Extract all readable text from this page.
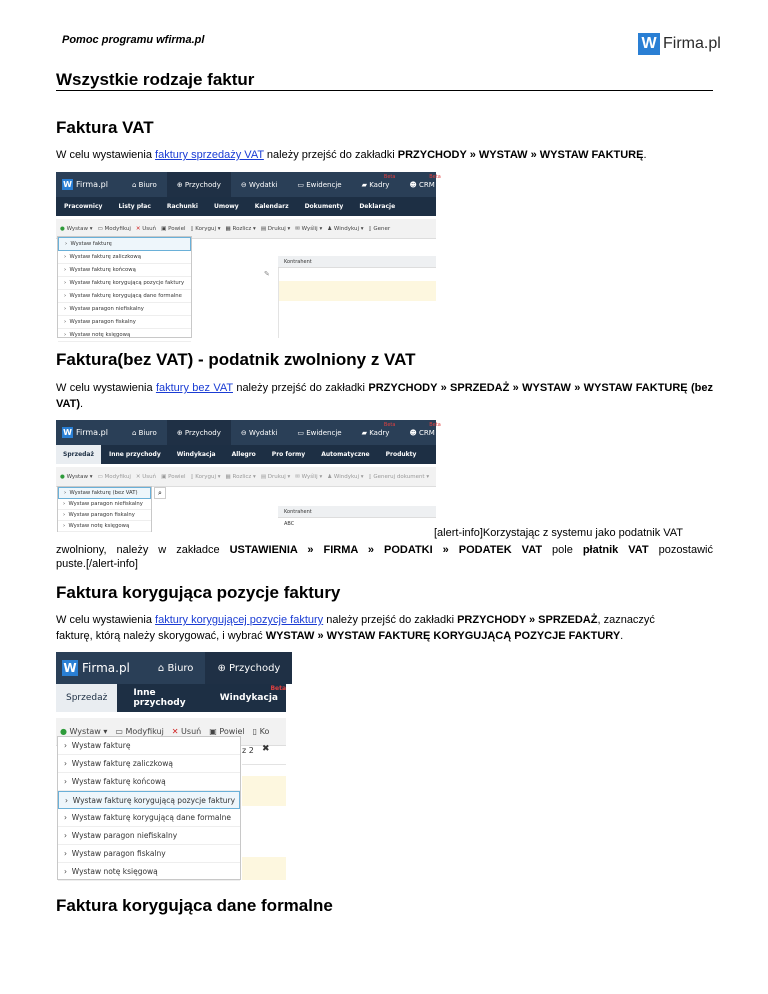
Pomoc programu wfirma.pl	W Firma.pl
Wszystkie rodzaje faktur
Faktura VAT

W celu wystawienia faktury sprzedaży VAT należy przejść do zakładki PRZYCHODY » WYSTAW » WYSTAW FAKTURĘ.

W Firma.pl	⌂ Biuro	⊕ Przychody	⊖ Wydatki	▭ Ewidencje	▰ Kadry
Beta
☻ CRM
Beta
Pracownicy	Listy płac	Rachunki	Umowy	Kalendarz	Dokumenty	Deklaracje
● Wystaw ▾ ▭ Modyfikuj ✕ Usuń ▣ Powiel ▯ Koryguj ▾ ▦ Rozlicz ▾ ▤ Drukuj ▾ ✉ Wyślij ▾ ♟ Windykuj ▾ ▯ Gener
Kontrahent
✎
›  Wystaw fakturę
›  Wystaw fakturę zaliczkową
›  Wystaw fakturę końcową
›  Wystaw fakturę korygującą pozycje faktury
›  Wystaw fakturę korygującą dane formalne
›  Wystaw paragon niefiskalny
›  Wystaw paragon fiskalny
›  Wystaw notę księgową
Faktura(bez VAT) - podatnik zwolniony z VAT

W celu wystawienia faktury bez VAT należy przejść do zakładki PRZYCHODY » SPRZEDAŻ » WYSTAW » WYSTAW FAKTURĘ (bez VAT).

W Firma.pl	⌂ Biuro	⊕ Przychody	⊖ Wydatki	▭ Ewidencje	▰ Kadry
Beta
☻ CRM
Beta
Sprzedaż	Inne przychody	Windykacja	Allegro	Pro formy	Automatyczne	Produkty
● Wystaw ▾ ▭ Modyfikuj ✕ Usuń ▣ Powiel ▯ Koryguj ▾ ▦ Rozlicz ▾ ▤ Drukuj ▾ ✉ Wyślij ▾ ♟ Windykuj ▾ ▯ Generuj dokument ▾
⌕
Kontrahent
ABC
›  Wystaw fakturę (bez VAT)
›  Wystaw paragon niefiskalny
›  Wystaw paragon fiskalny
›  Wystaw notę księgową
[alert-info]Korzystając z systemu jako podatnik VAT

zwolniony, należy w zakładce USTAWIENIA » FIRMA » PODATKI » PODATEK VAT pole płatnik VAT pozostawić

puste.[/alert-info]
Faktura korygująca pozycje faktury

W celu wystawienia faktury korygującej pozycje faktury należy przejść do zakładki PRZYCHODY » SPRZEDAŻ, zaznaczyć
fakturę, którą należy skorygować, i wybrać WYSTAW » WYSTAW FAKTURĘ KORYGUJĄCĄ POZYCJE FAKTURY.

W Firma.pl	⌂ Biuro ⊕ Przychody
Sprzedaż	Inne przychody	Windykacja
Beta
● Wystaw ▾ ▭ Modyfikuj ✕ Usuń ▣ Powiel ▯ Ko
z 2 ✖
›  Wystaw fakturę
›  Wystaw fakturę zaliczkową
›  Wystaw fakturę końcową
›  Wystaw fakturę korygującą pozycje faktury
›  Wystaw fakturę korygującą dane formalne
›  Wystaw paragon niefiskalny
›  Wystaw paragon fiskalny
›  Wystaw notę księgową
Faktura korygująca dane formalne
